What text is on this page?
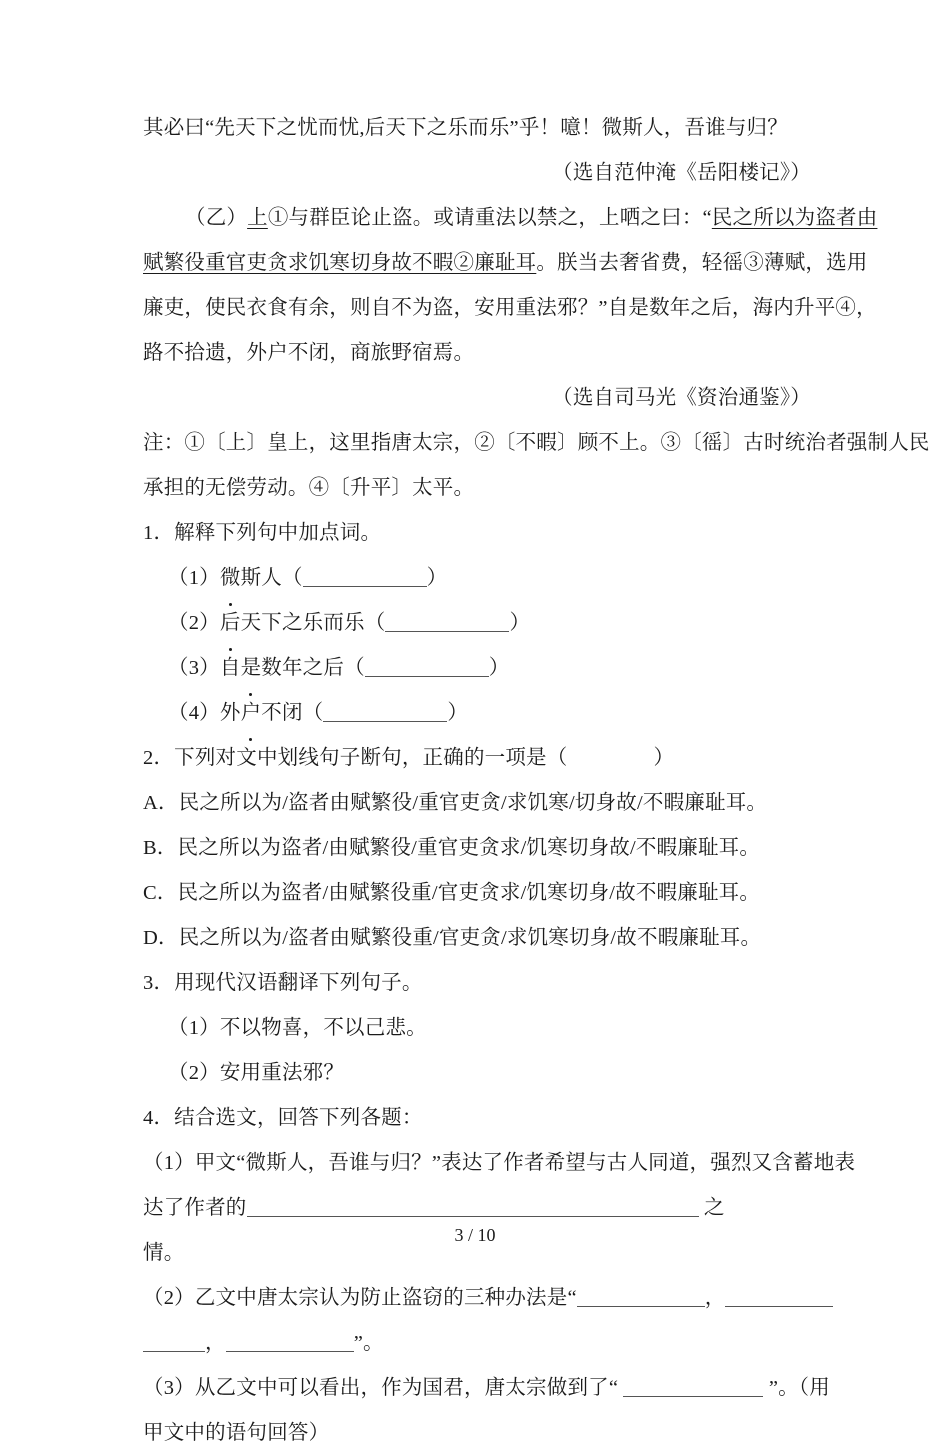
其必曰“先天下之忧而忧,后天下之乐而乐”乎！噫！微斯人，吾谁与归？
（选自范仲淹《岳阳楼记》）
（乙）上①与群臣论止盗。或请重法以禁之，上哂之曰：“民之所以为盗者由
赋繁役重官吏贪求饥寒切身故不暇②廉耻耳。朕当去奢省费，轻徭③薄赋，选用
廉吏，使民衣食有余，则自不为盗，安用重法邪？”自是数年之后，海内升平④，
路不拾遗，外户不闭，商旅野宿焉。
（选自司马光《资治通鉴》）
注：①〔上〕皇上，这里指唐太宗，②〔不暇〕顾不上。③〔徭〕古时统治者强制人民
承担的无偿劳动。④〔升平〕太平。
1．解释下列句中加点词。
（1）微斯人（	）
（2）后天下之乐而乐（	）
（3）自是数年之后（	）
（4）外户不闭（	）
2．下列对文中划线句子断句，正确的一项是（	）
A．民之所以为/盗者由赋繁役/重官吏贪/求饥寒/切身故/不暇廉耻耳。
B．民之所以为盗者/由赋繁役/重官吏贪求/饥寒切身故/不暇廉耻耳。
C．民之所以为盗者/由赋繁役重/官吏贪求/饥寒切身/故不暇廉耻耳。
D．民之所以为/盗者由赋繁役重/官吏贪/求饥寒切身/故不暇廉耻耳。
3．用现代汉语翻译下列句子。
（1）不以物喜，不以己悲。
（2）安用重法邪？
4．结合选文，回答下列各题：
（1）甲文“微斯人，吾谁与归？”表达了作者希望与古人同道，强烈又含蓄地表
达了作者的	之
情。
（2）乙文中唐太宗认为防止盗窃的三种办法是“	，
，	”。
（3）从乙文中可以看出，作为国君，唐太宗做到了“	”。（用
甲文中的语句回答）
3 / 10
